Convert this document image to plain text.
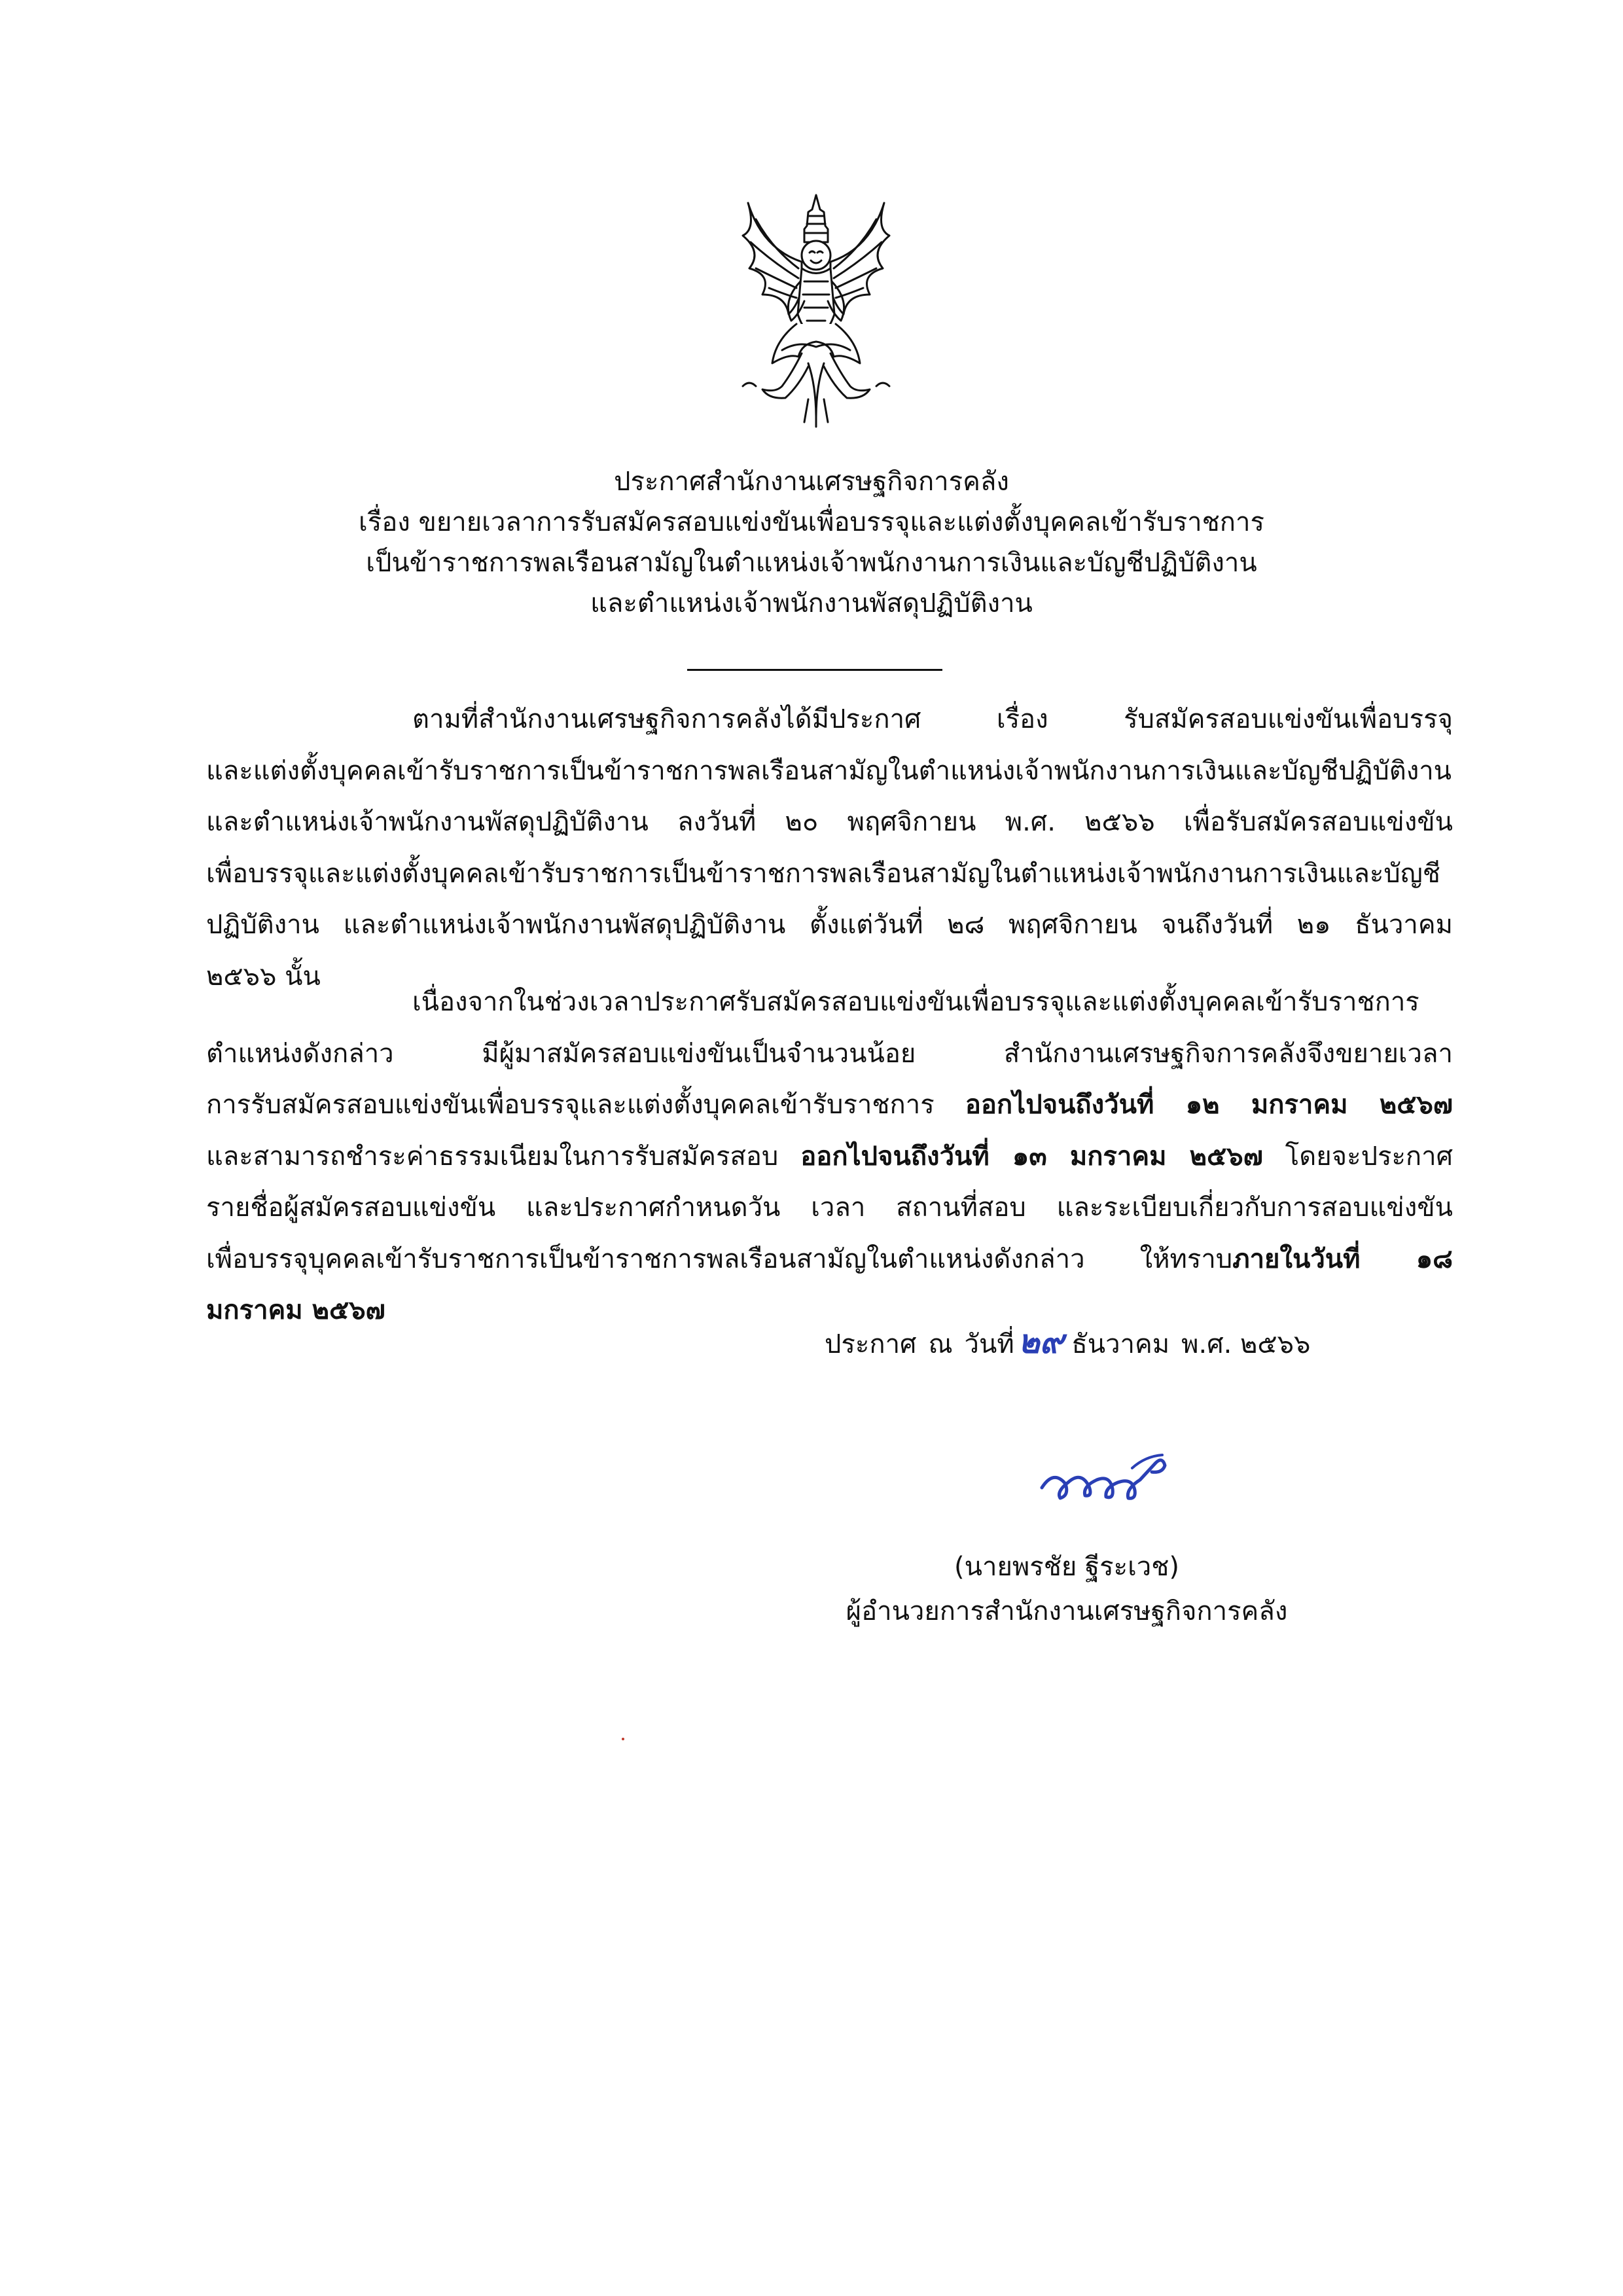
ประกาศสำนักงานเศรษฐกิจการคลัง
เรื่อง ขยายเวลาการรับสมัครสอบแข่งขันเพื่อบรรจุและแต่งตั้งบุคคลเข้ารับราชการ
เป็นข้าราชการพลเรือนสามัญในตำแหน่งเจ้าพนักงานการเงินและบัญชีปฏิบัติงาน
และตำแหน่งเจ้าพนักงานพัสดุปฏิบัติงาน
ตามที่สำนักงานเศรษฐกิจการคลังได้มีประกาศ เรื่อง รับสมัครสอบแข่งขันเพื่อบรรจุ
และแต่งตั้งบุคคลเข้ารับราชการเป็นข้าราชการพลเรือนสามัญในตำแหน่งเจ้าพนักงานการเงินและบัญชีปฏิบัติงาน
และตำแหน่งเจ้าพนักงานพัสดุปฏิบัติงาน ลงวันที่ ๒๐ พฤศจิกายน พ.ศ. ๒๕๖๖ เพื่อรับสมัครสอบแข่งขัน
เพื่อบรรจุและแต่งตั้งบุคคลเข้ารับราชการเป็นข้าราชการพลเรือนสามัญในตำแหน่งเจ้าพนักงานการเงินและบัญชี
ปฏิบัติงาน และตำแหน่งเจ้าพนักงานพัสดุปฏิบัติงาน ตั้งแต่วันที่ ๒๘ พฤศจิกายน จนถึงวันที่ ๒๑ ธันวาคม
๒๕๖๖ นั้น
เนื่องจากในช่วงเวลาประกาศรับสมัครสอบแข่งขันเพื่อบรรจุและแต่งตั้งบุคคลเข้ารับราชการ
ตำแหน่งดังกล่าว มีผู้มาสมัครสอบแข่งขันเป็นจำนวนน้อย สำนักงานเศรษฐกิจการคลังจึงขยายเวลา
การรับสมัครสอบแข่งขันเพื่อบรรจุและแต่งตั้งบุคคลเข้ารับราชการ ออกไปจนถึงวันที่ ๑๒ มกราคม ๒๕๖๗
และสามารถชำระค่าธรรมเนียมในการรับสมัครสอบ ออกไปจนถึงวันที่ ๑๓ มกราคม ๒๕๖๗ โดยจะประกาศ
รายชื่อผู้สมัครสอบแข่งขัน และประกาศกำหนดวัน เวลา สถานที่สอบ และระเบียบเกี่ยวกับการสอบแข่งขัน
เพื่อบรรจุบุคคลเข้ารับราชการเป็นข้าราชการพลเรือนสามัญในตำแหน่งดังกล่าว ให้ทราบภายในวันที่ ๑๘
มกราคม ๒๕๖๗
ประกาศ ณ วันที่ ๒๙ ธันวาคม พ.ศ. ๒๕๖๖
(นายพรชัย ฐีระเวช)
ผู้อำนวยการสำนักงานเศรษฐกิจการคลัง
